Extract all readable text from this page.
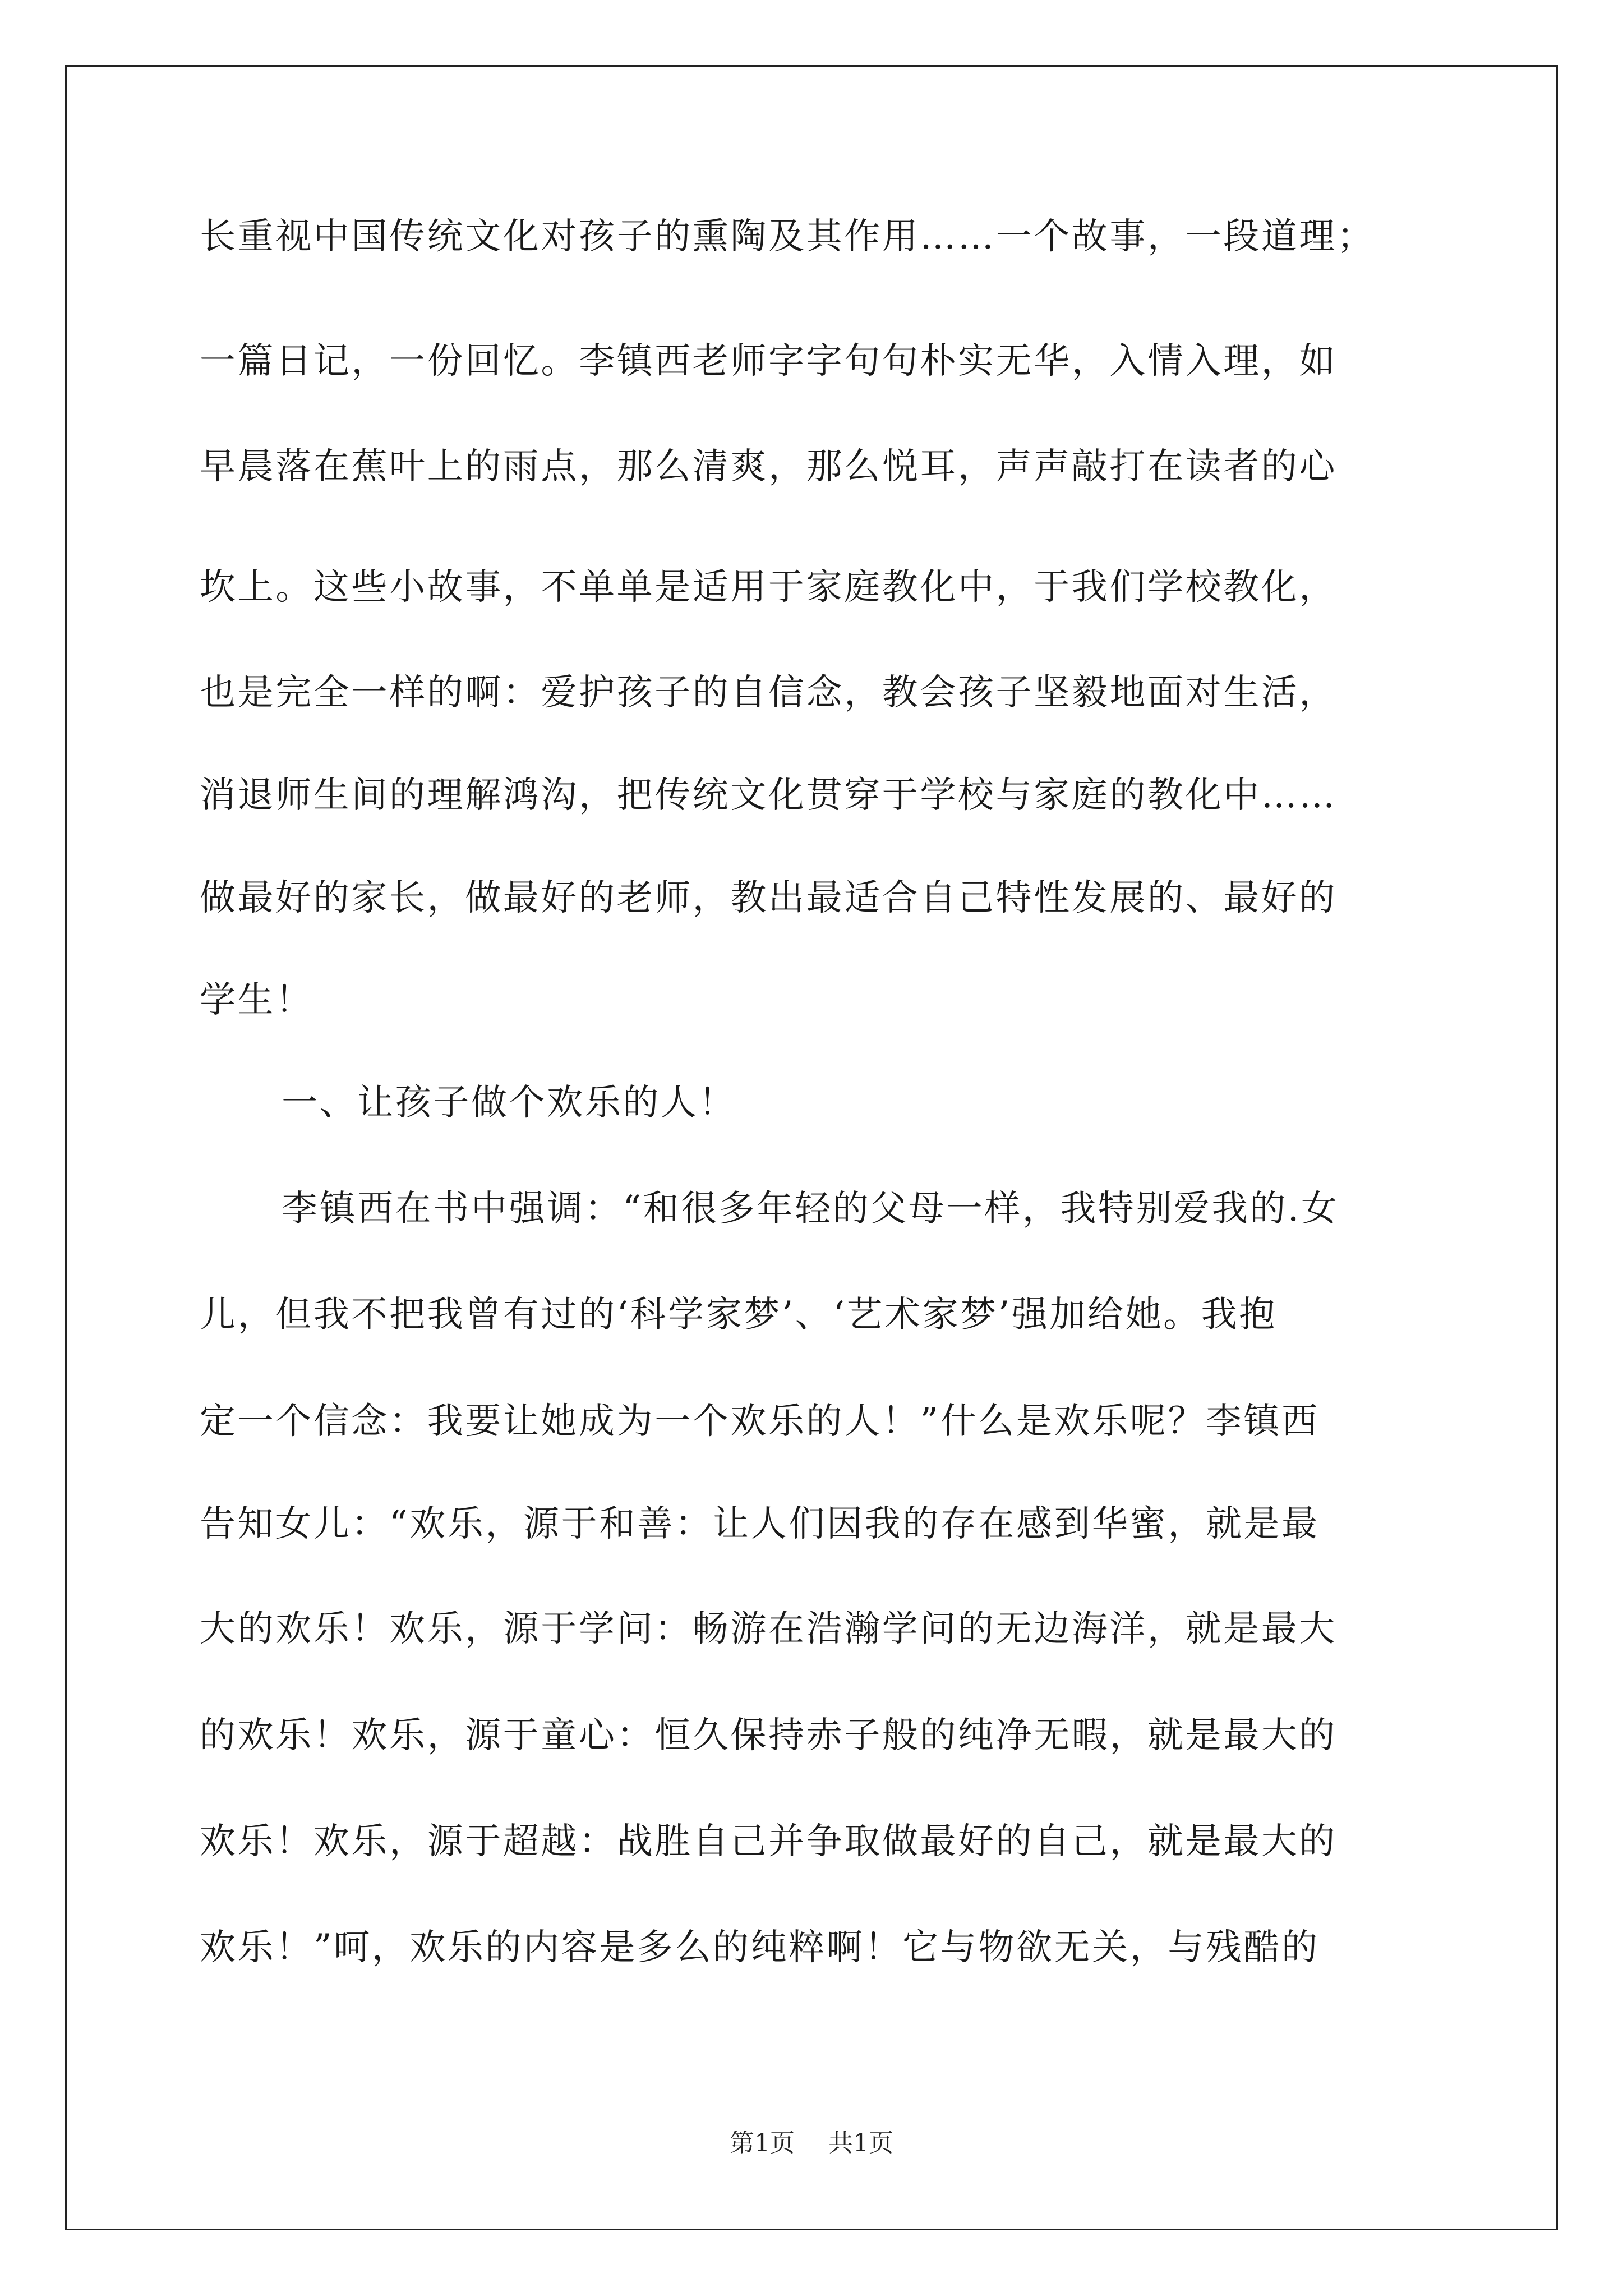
长重视中国传统文化对孩子的熏陶及其作用……一个故事，一段道理；
一篇日记，一份回忆。李镇西老师字字句句朴实无华，入情入理，如
早晨落在蕉叶上的雨点，那么清爽，那么悦耳，声声敲打在读者的心
坎上。这些小故事，不单单是适用于家庭教化中，于我们学校教化，
也是完全一样的啊：爱护孩子的自信念，教会孩子坚毅地面对生活，
消退师生间的理解鸿沟，把传统文化贯穿于学校与家庭的教化中……
做最好的家长，做最好的老师，教出最适合自己特性发展的、最好的
学生！
一、让孩子做个欢乐的人！
李镇西在书中强调：“和很多年轻的父母一样，我特别爱我的.女
儿，但我不把我曾有过的‘科学家梦’、‘艺术家梦’强加给她。我抱
定一个信念：我要让她成为一个欢乐的人！”什么是欢乐呢？李镇西
告知女儿：“欢乐，源于和善：让人们因我的存在感到华蜜，就是最
大的欢乐！欢乐，源于学问：畅游在浩瀚学问的无边海洋，就是最大
的欢乐！欢乐，源于童心：恒久保持赤子般的纯净无暇，就是最大的
欢乐！欢乐，源于超越：战胜自己并争取做最好的自己，就是最大的
欢乐！”呵，欢乐的内容是多么的纯粹啊！它与物欲无关，与残酷的
第1页 共1页
